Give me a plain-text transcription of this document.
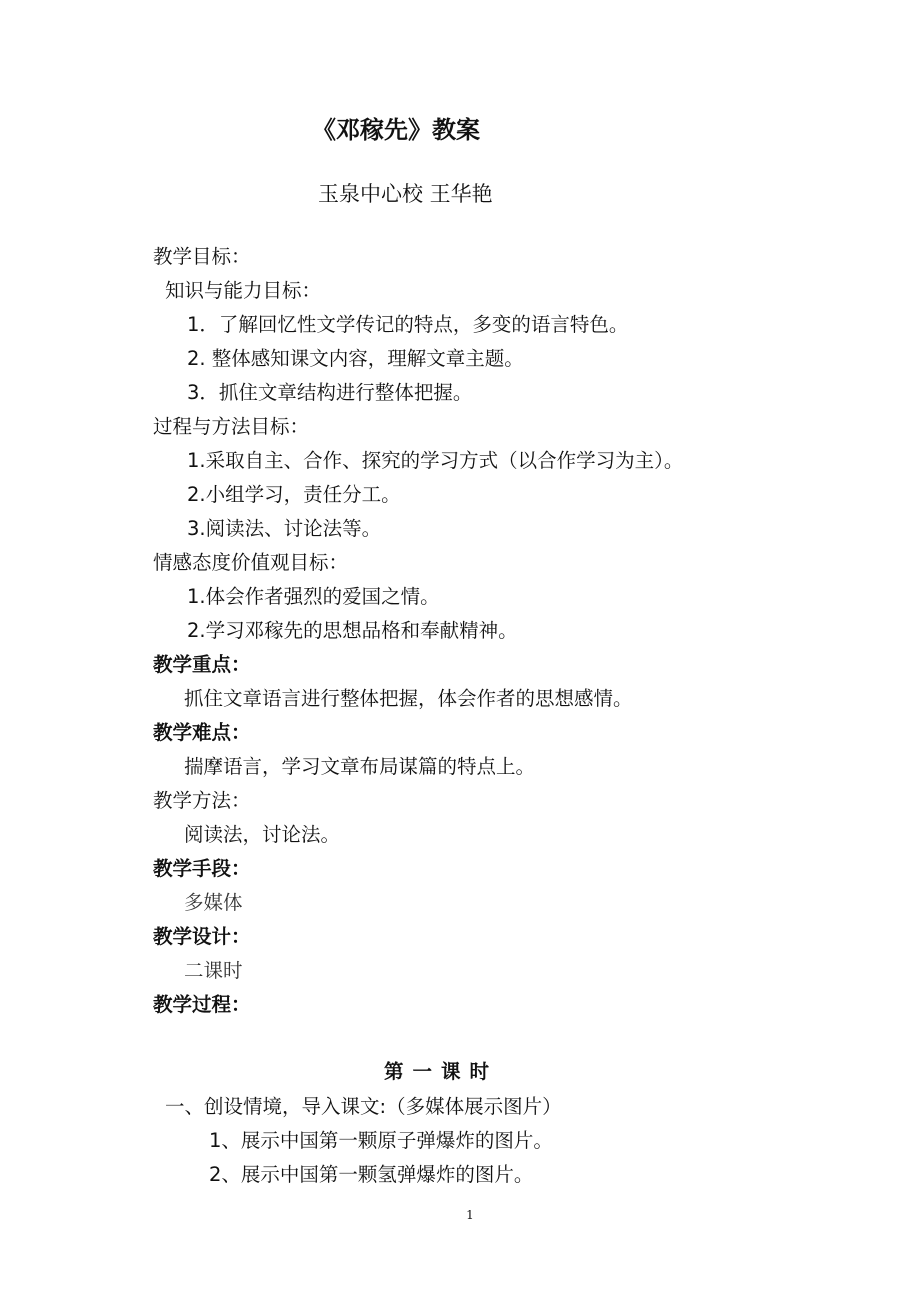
《邓稼先》教案
玉泉中心校 王华艳
教学目标：
知识与能力目标：
1．了解回忆性文学传记的特点，多变的语言特色。
2. 整体感知课文内容，理解文章主题。
3．抓住文章结构进行整体把握。
过程与方法目标：
1.采取自主、合作、探究的学习方式（以合作学习为主）。
2.小组学习，责任分工。
3.阅读法、讨论法等。
情感态度价值观目标：
1.体会作者强烈的爱国之情。
2.学习邓稼先的思想品格和奉献精神。
教学重点：
抓住文章语言进行整体把握，体会作者的思想感情。
教学难点：
揣摩语言，学习文章布局谋篇的特点上。
教学方法：
阅读法，讨论法。
教学手段：
多媒体
教学设计：
二课时
教学过程：
第一课时
一、创设情境，导入课文:（多媒体展示图片）
1、展示中国第一颗原子弹爆炸的图片。
2、展示中国第一颗氢弹爆炸的图片。
1
